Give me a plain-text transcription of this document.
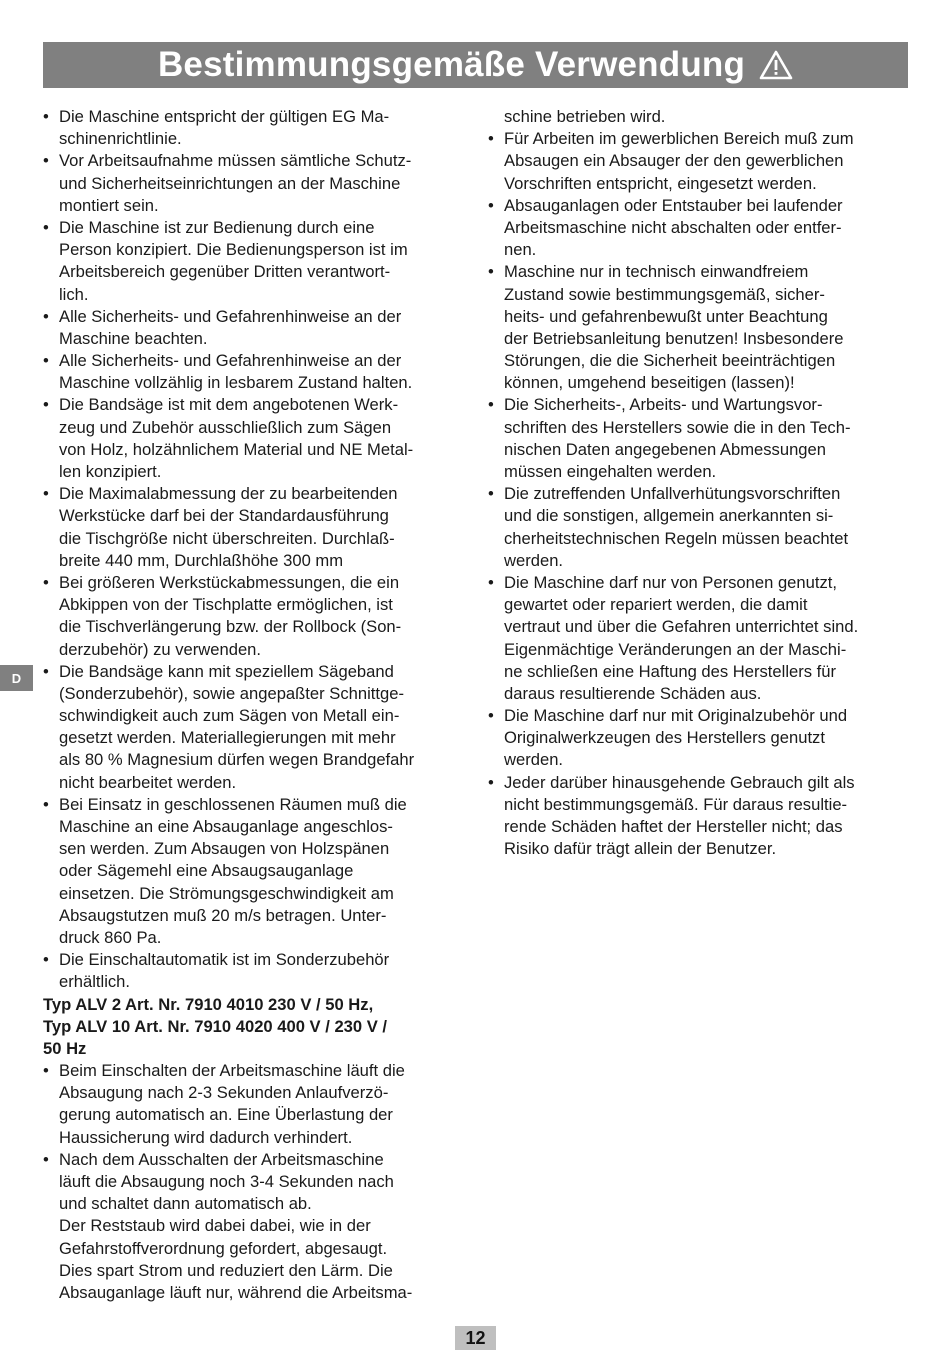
Bestimmungsgemäße Verwendung
• Die Maschine entspricht der gültigen EG Ma-
schinenrichtlinie.
• Vor Arbeitsaufnahme müssen sämtliche Schutz-
und Sicherheitseinrichtungen an der Maschine
montiert sein.
• Die Maschine ist zur Bedienung durch eine
Person konzipiert. Die Bedienungsperson ist im
Arbeitsbereich gegenüber Dritten verantwort-
lich.
• Alle Sicherheits- und Gefahrenhinweise an der
Maschine beachten.
• Alle Sicherheits- und Gefahrenhinweise an der
Maschine vollzählig in lesbarem Zustand halten.
• Die Bandsäge ist mit dem angebotenen Werk-
zeug und Zubehör ausschließlich zum Sägen
von Holz, holzähnlichem Material und NE Metal-
len konzipiert.
• Die Maximalabmessung der zu bearbeitenden
Werkstücke darf bei der Standardausführung
die Tischgröße nicht überschreiten. Durchlaß-
breite 440 mm, Durchlaßhöhe 300 mm
• Bei größeren Werkstückabmessungen, die ein
Abkippen von der Tischplatte ermöglichen, ist
die Tischverlängerung bzw. der Rollbock (Son-
derzubehör) zu verwenden.
• Die Bandsäge kann mit speziellem Sägeband
(Sonderzubehör), sowie angepaßter Schnittge-
schwindigkeit auch zum Sägen von Metall ein-
gesetzt werden. Materiallegierungen mit mehr
als 80 % Magnesium dürfen wegen Brandgefahr
nicht bearbeitet werden.
• Bei Einsatz in geschlossenen Räumen muß die
Maschine an eine Absauganlage angeschlos-
sen werden. Zum Absaugen von Holzspänen
oder Sägemehl eine Absaugsauganlage
einsetzen. Die Strömungsgeschwindigkeit am
Absaugstutzen muß 20 m/s betragen. Unter-
druck 860 Pa.
• Die Einschaltautomatik ist im Sonderzubehör
erhältlich.
Typ ALV 2 Art. Nr. 7910 4010 230 V / 50 Hz,
Typ ALV 10 Art. Nr. 7910 4020 400 V / 230 V /
50 Hz
• Beim Einschalten der Arbeitsmaschine läuft die
Absaugung nach 2-3 Sekunden Anlaufverzö-
gerung automatisch an. Eine Überlastung der
Haussicherung wird dadurch verhindert.
• Nach dem Ausschalten der Arbeitsmaschine
läuft die Absaugung noch 3-4 Sekunden nach
und schaltet dann automatisch ab.
Der Reststaub wird dabei dabei, wie in der
Gefahrstoffverordnung gefordert, abgesaugt.
Dies spart Strom und reduziert den Lärm. Die
Absauganlage läuft nur, während die Arbeitsma-
schine betrieben wird.
• Für Arbeiten im gewerblichen Bereich muß zum
Absaugen ein Absauger der den gewerblichen
Vorschriften entspricht, eingesetzt werden.
• Absauganlagen oder Entstauber bei laufender
Arbeitsmaschine nicht abschalten oder entfer-
nen.
• Maschine nur in technisch einwandfreiem
Zustand sowie bestimmungsgemäß, sicher-
heits- und gefahrenbewußt unter Beachtung
der Betriebsanleitung benutzen! Insbesondere
Störungen, die die Sicherheit beeinträchtigen
können, umgehend beseitigen (lassen)!
• Die Sicherheits-, Arbeits- und Wartungsvor-
schriften des Herstellers sowie die in den Tech-
nischen Daten angegebenen Abmessungen
müssen eingehalten werden.
• Die zutreffenden Unfallverhütungsvorschriften
und die sonstigen, allgemein anerkannten si-
cherheitstechnischen Regeln müssen beachtet
werden.
• Die Maschine darf nur von Personen genutzt,
gewartet oder repariert werden, die damit
vertraut und über die Gefahren unterrichtet sind.
Eigenmächtige Veränderungen an der Maschi-
ne schließen eine Haftung des Herstellers für
daraus resultierende Schäden aus.
• Die Maschine darf nur mit Originalzubehör und
Originalwerkzeugen des Herstellers genutzt
werden.
• Jeder darüber hinausgehende Gebrauch gilt als
nicht bestimmungsgemäß. Für daraus resultie-
rende Schäden haftet der Hersteller nicht; das
Risiko dafür trägt allein der Benutzer.
D
12
